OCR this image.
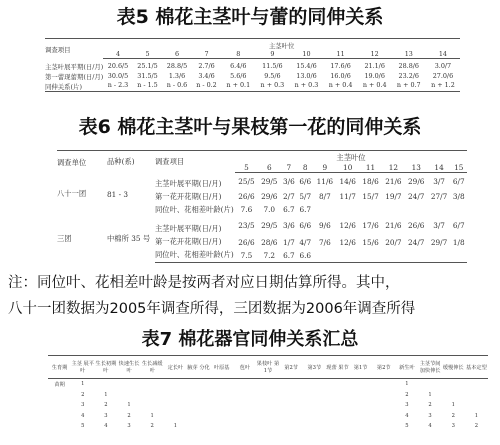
表5 棉花主茎叶与蕾的同伸关系
调查项目	主茎叶位										
	4	5	6	7	8	9	10	11	12	13	14
主茎叶展平期(日/月)	20.6/5	25.1/5	28.8/5	2.7/6	6.4/6	11.5/6	15.4/6	17.6/6	21.1/6	28.8/6	3.0/7
第一蕾现蕾期(日/月)	30.0/5	31.5/5	1.3/6	3.4/6	5.6/6	9.5/6	13.0/6	16.0/6	19.0/6	23.2/6	27.0/6
同伸关系(片)	n - 2.3	n - 1.5	n - 0.6	n - 0.2	n + 0.1	n + 0.3	n + 0.3	n + 0.4	n + 0.4	n + 0.7	n + 1.2
表6 棉花主茎叶与果枝第一花的同伸关系
调查单位	品种(系)	调查项目	主茎叶位										
			5	6	7	8	9	10	11	12	13	14	15
八十一团	81 - 3	主茎叶展平期(日/月)	25/5	29/5	3/6	6/6	11/6	14/6	18/6	21/6	29/6	3/7	6/7
		第一花开花期(日/月)	26/6	29/6	2/7	5/7	8/7	11/7	15/7	19/7	24/7	27/7	3/8
		同位叶、花相差叶龄(片)	7.6	7.0	6.7	6.7							
三团	中棉所 35 号	主茎叶展平期(日/月)	23/5	29/5	3/6	6/6	9/6	12/6	17/6	21/6	26/6	3/7	6/7
		第一花开花期(日/月)	26/6	28/6	1/7	4/7	7/6	12/6	15/6	20/7	24/7	29/7	1/8
		同位叶、花相差叶龄(片)	7.5	7.2	6.7	6.6							
注：同位叶、花相差叶龄是按两者对应日期估算所得。其中，
八十一团数据为2005年调查所得，三团数据为2006年调查所得
表7 棉花器官同伸关系汇总
生育期	主茎 展平叶	生长初期叶	快速生长叶	生长减缓叶	定长叶	腋芽 分化	叶原基	苞叶	果枝叶 第1节	第2节	第3节	现蕾 果节	第1节	第2节	新生叶	主茎节间 加快伸长	缓慢伸长	基本定型
苗期	1														1			
	2	1													2	1		
	3	2	1												3	2	1	
	4	3	2	1											4	3	2	1
	5	4	3	2	1										5	4	3	2
